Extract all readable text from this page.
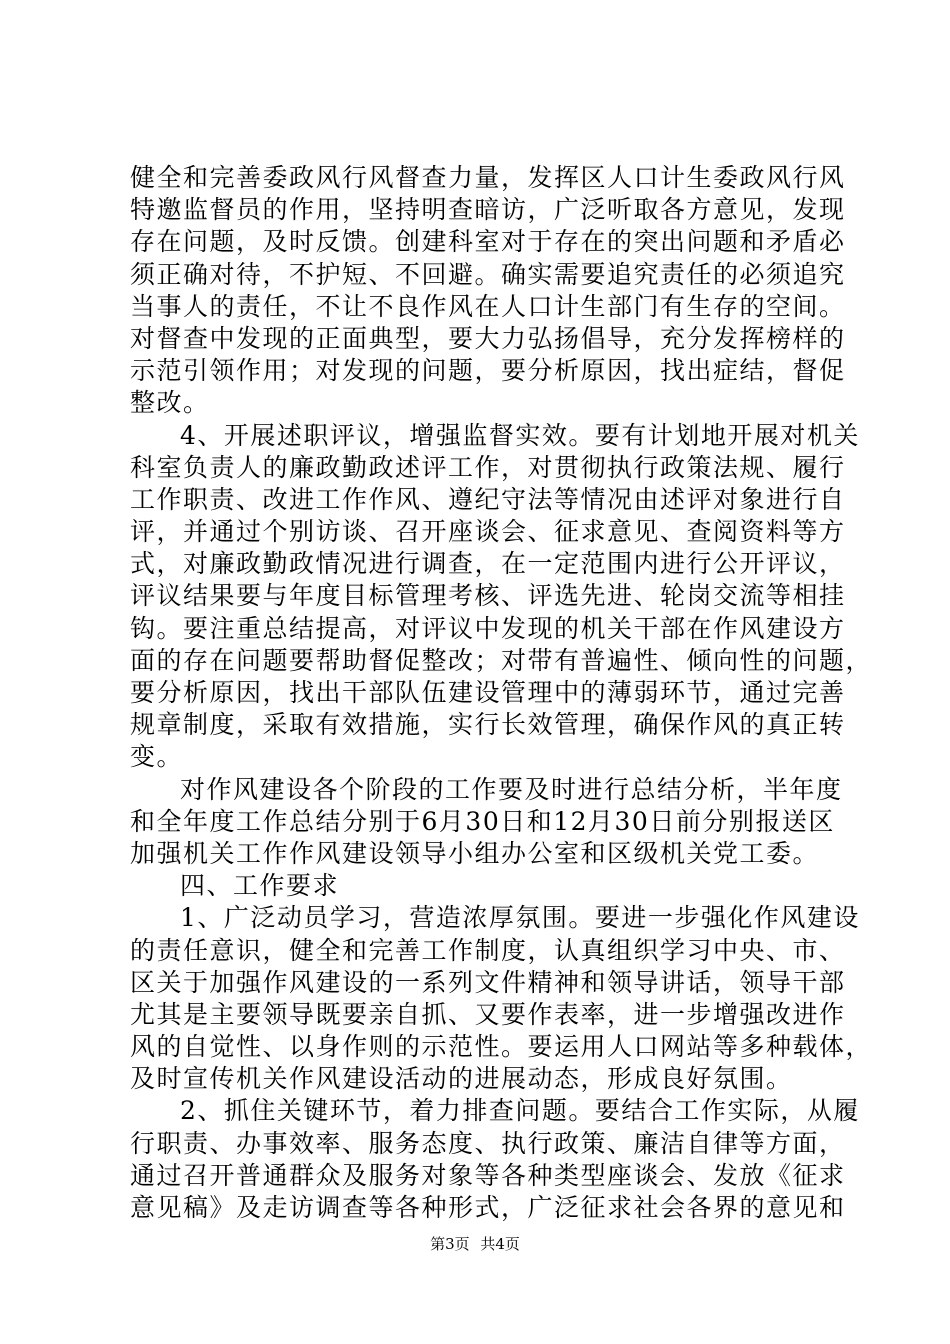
健全和完善委政风行风督查力量，发挥区人口计生委政风行风
特邀监督员的作用，坚持明查暗访，广泛听取各方意见，发现
存在问题，及时反馈。创建科室对于存在的突出问题和矛盾必
须正确对待，不护短、不回避。确实需要追究责任的必须追究
当事人的责任，不让不良作风在人口计生部门有生存的空间。
对督查中发现的正面典型，要大力弘扬倡导，充分发挥榜样的
示范引领作用；对发现的问题，要分析原因，找出症结，督促
整改。
4、开展述职评议，增强监督实效。要有计划地开展对机关
科室负责人的廉政勤政述评工作，对贯彻执行政策法规、履行
工作职责、改进工作作风、遵纪守法等情况由述评对象进行自
评，并通过个别访谈、召开座谈会、征求意见、查阅资料等方
式，对廉政勤政情况进行调查，在一定范围内进行公开评议，
评议结果要与年度目标管理考核、评选先进、轮岗交流等相挂
钩。要注重总结提高，对评议中发现的机关干部在作风建设方
面的存在问题要帮助督促整改；对带有普遍性、倾向性的问题，
要分析原因，找出干部队伍建设管理中的薄弱环节，通过完善
规章制度，采取有效措施，实行长效管理，确保作风的真正转
变。
对作风建设各个阶段的工作要及时进行总结分析，半年度
和全年度工作总结分别于6月30日和12月30日前分别报送区
加强机关工作作风建设领导小组办公室和区级机关党工委。
四、工作要求
1、广泛动员学习，营造浓厚氛围。要进一步强化作风建设
的责任意识，健全和完善工作制度，认真组织学习中央、市、
区关于加强作风建设的一系列文件精神和领导讲话，领导干部
尤其是主要领导既要亲自抓、又要作表率，进一步增强改进作
风的自觉性、以身作则的示范性。要运用人口网站等多种载体，
及时宣传机关作风建设活动的进展动态，形成良好氛围。
2、抓住关键环节，着力排查问题。要结合工作实际，从履
行职责、办事效率、服务态度、执行政策、廉洁自律等方面，
通过召开普通群众及服务对象等各种类型座谈会、发放《征求
意见稿》及走访调查等各种形式，广泛征求社会各界的意见和
第3页 共4页
